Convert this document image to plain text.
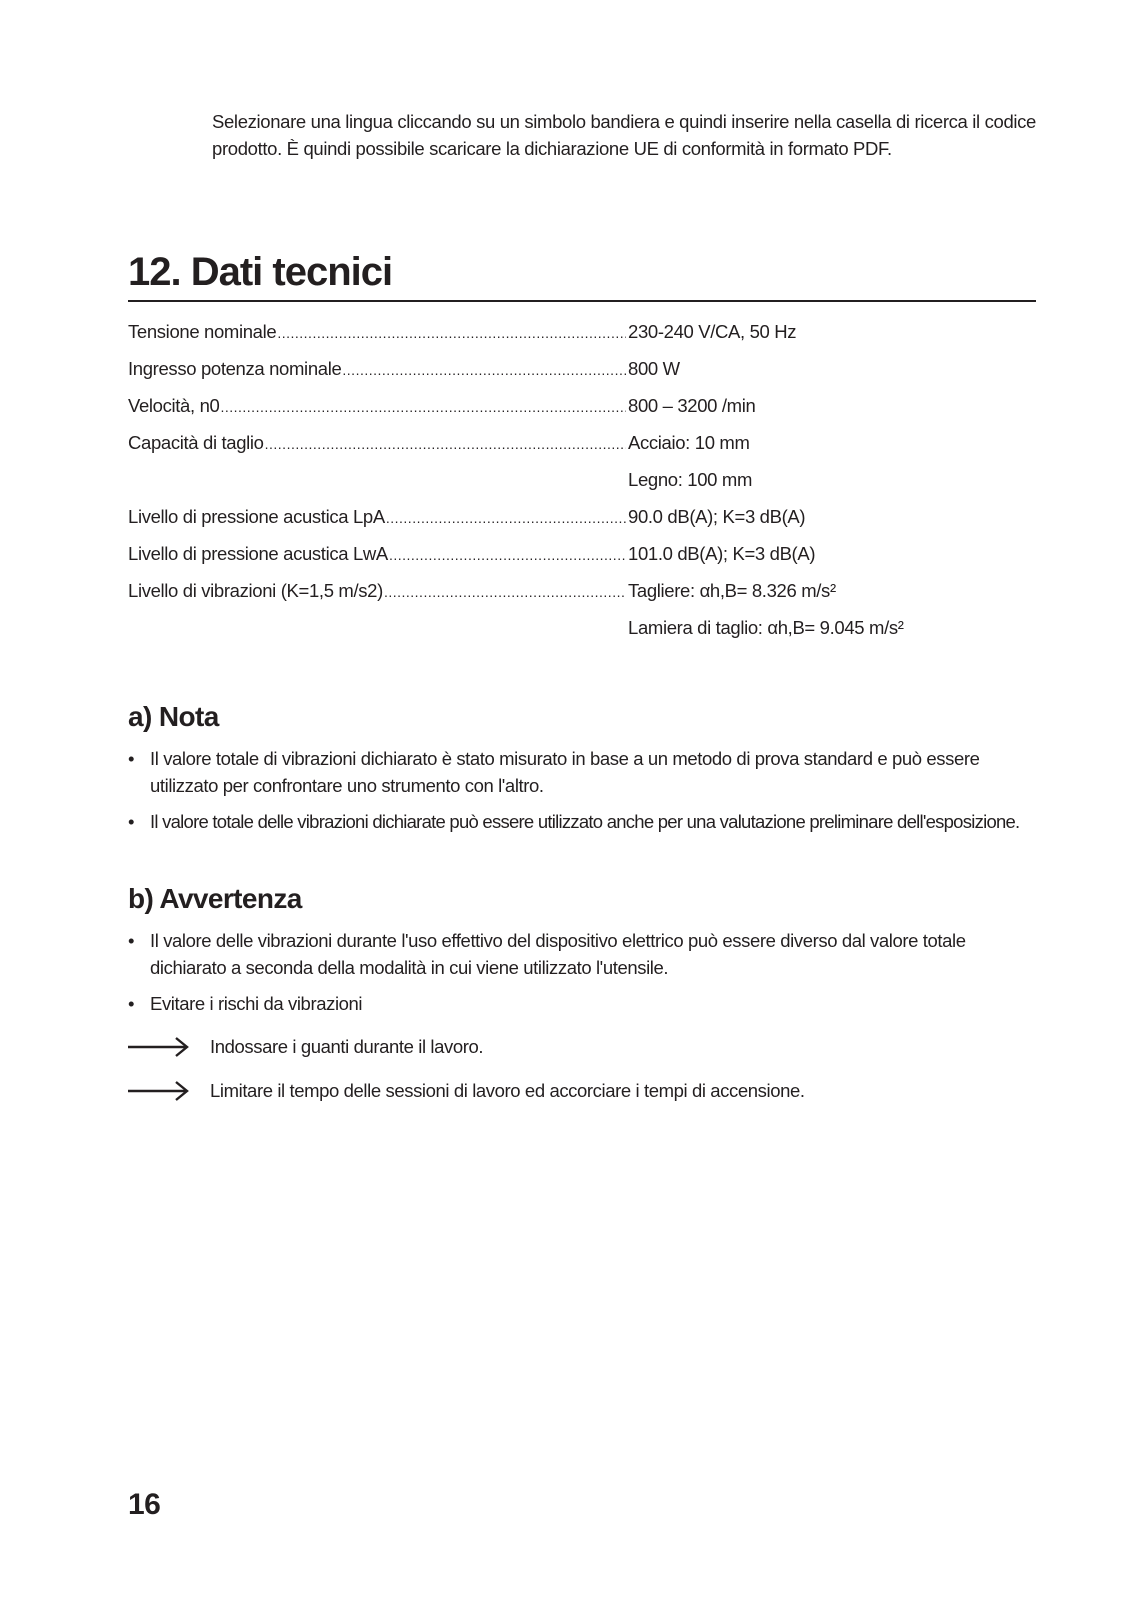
Selezionare una lingua cliccando su un simbolo bandiera e quindi inserire nella casella di ricerca il codice prodotto. È quindi possibile scaricare la dichiarazione UE di conformità in formato PDF.

12. Dati tecnici
Tensione nominale .....	230-240 V/CA, 50 Hz
Ingresso potenza nominale .....	800 W
Velocità, n0 .....	800 – 3200 /min
Capacità di taglio .....	Acciaio: 10 mm
Legno: 100 mm
Livello di pressione acustica LpA .....	90.0 dB(A); K=3 dB(A)
Livello di pressione acustica LwA .....	101.0 dB(A); K=3 dB(A)
Livello di vibrazioni (K=1,5 m/s2) .....	Tagliere: αh,B= 8.326 m/s²
Lamiera di taglio: αh,B= 9.045 m/s²
a) Nota
• Il valore totale di vibrazioni dichiarato è stato misurato in base a un metodo di prova standard e può essere utilizzato per confrontare uno strumento con l'altro.
• Il valore totale delle vibrazioni dichiarate può essere utilizzato anche per una valutazione preliminare dell'esposizione.
b) Avvertenza
• Il valore delle vibrazioni durante l'uso effettivo del dispositivo elettrico può essere diverso dal valore totale dichiarato a seconda della modalità in cui viene utilizzato l'utensile.
• Evitare i rischi da vibrazioni
Indossare i guanti durante il lavoro.
Limitare il tempo delle sessioni di lavoro ed accorciare i tempi di accensione.
16
